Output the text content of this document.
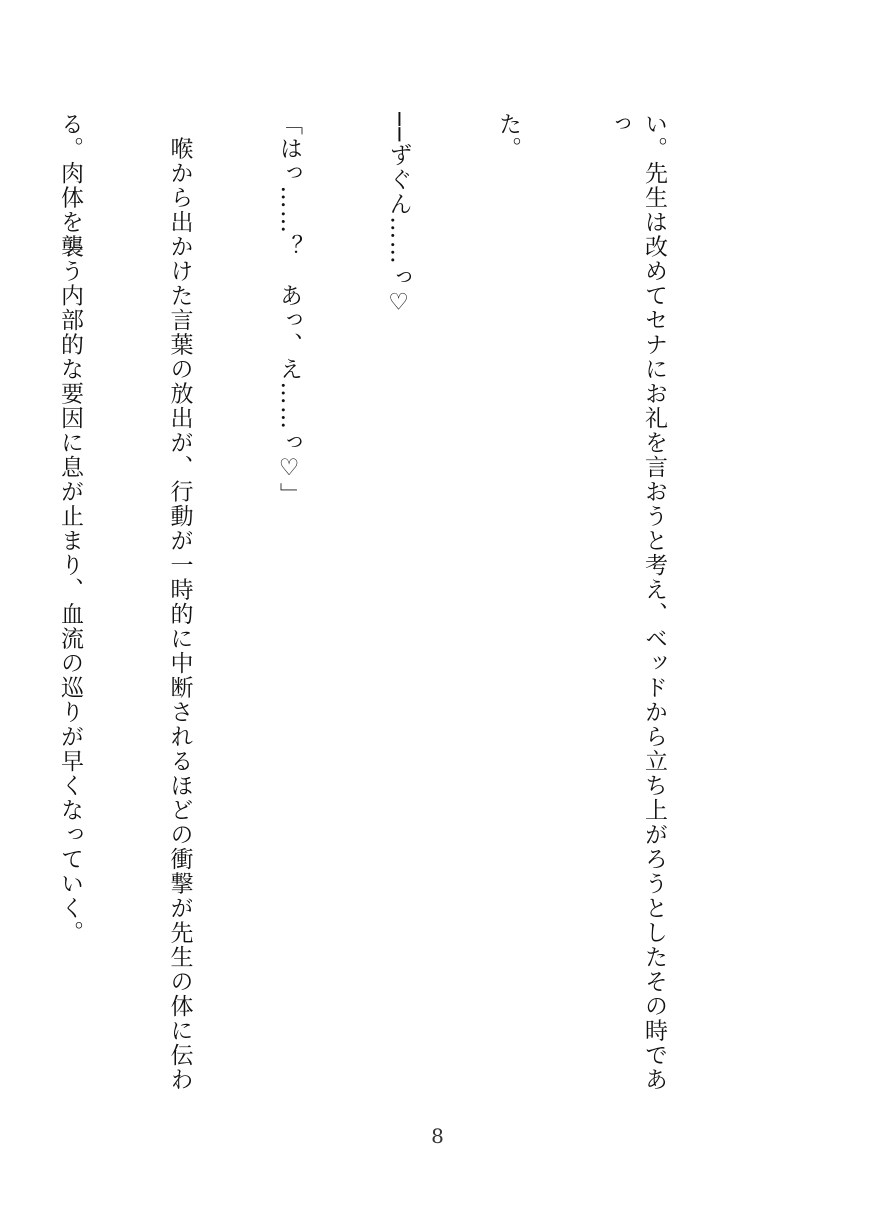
い。先生は改めてセナにお礼を言おうと考え、ベッドから立ち上がろうとしたその時であっ

た。

──ずぐん……っ♡

「はっ……？　あっ、え……っ♡」

　喉から出かけた言葉の放出が、行動が一時的に中断されるほどの衝撃が先生の体に伝わ

る。肉体を襲う内部的な要因に息が止まり、血流の巡りが早くなっていく。

8
